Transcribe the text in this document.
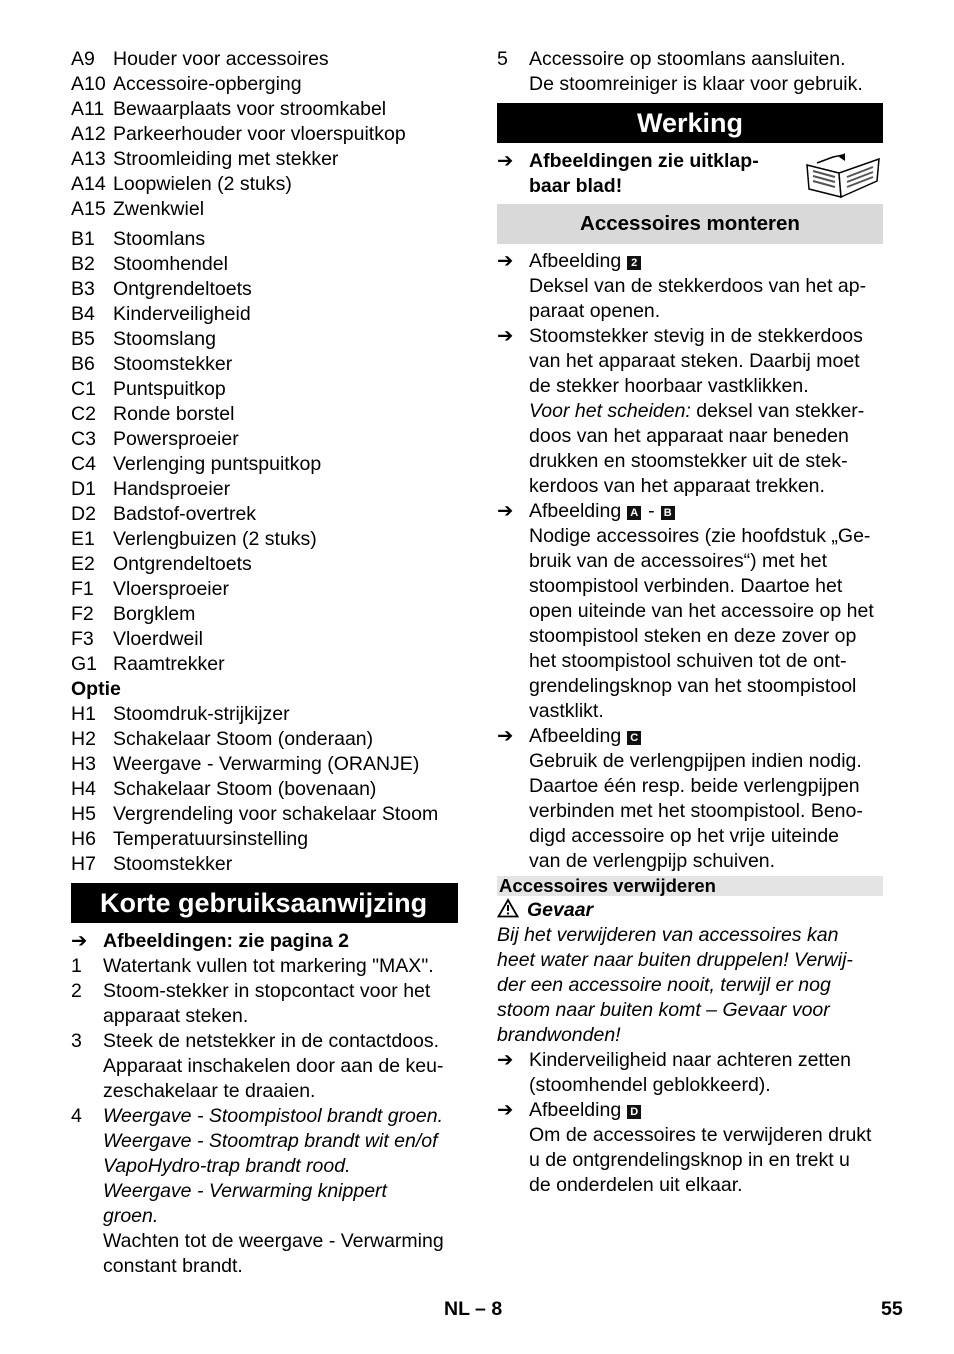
A9 Houder voor accessoires
A10 Accessoire-opberging
A11 Bewaarplaats voor stroomkabel
A12 Parkeerhouder voor vloerspuitkop
A13 Stroomleiding met stekker
A14 Loopwielen (2 stuks)
A15 Zwenkwiel
B1 Stoomlans
B2 Stoomhendel
B3 Ontgrendeltoets
B4 Kinderveiligheid
B5 Stoomslang
B6 Stoomstekker
C1 Puntspuitkop
C2 Ronde borstel
C3 Powersproeier
C4 Verlenging puntspuitkop
D1 Handsproeier
D2 Badstof-overtrek
E1 Verlengbuizen (2 stuks)
E2 Ontgrendeltoets
F1 Vloersproeier
F2 Borgklem
F3 Vloerdweil
G1 Raamtrekker
Optie
H1 Stoomdruk-strijkijzer
H2 Schakelaar Stoom (onderaan)
H3 Weergave - Verwarming (ORANJE)
H4 Schakelaar Stoom (bovenaan)
H5 Vergrendeling voor schakelaar Stoom
H6 Temperatuursinstelling
H7 Stoomstekker
Korte gebruiksaanwijzing
➔ Afbeeldingen: zie pagina 2
1 Watertank vullen tot markering "MAX".
2 Stoom-stekker in stopcontact voor het
apparaat steken.
3 Steek de netstekker in de contactdoos.
Apparaat inschakelen door aan de keu-
zeschakelaar te draaien.
4 Weergave - Stoompistool brandt groen.
Weergave - Stoomtrap brandt wit en/of
VapoHydro-trap brandt rood.
Weergave - Verwarming knippert
groen.
Wachten tot de weergave - Verwarming
constant brandt.
5 Accessoire op stoomlans aansluiten.
De stoomreiniger is klaar voor gebruik.
Werking
➔ Afbeeldingen zie uitklap-
baar blad!
Accessoires monteren
➔ Afbeelding 2
Deksel van de stekkerdoos van het ap-
paraat openen.
➔ Stoomstekker stevig in de stekkerdoos
van het apparaat steken. Daarbij moet
de stekker hoorbaar vastklikken.
Voor het scheiden: deksel van stekker-
doos van het apparaat naar beneden
drukken en stoomstekker uit de stek-
kerdoos van het apparaat trekken.
➔ Afbeelding A - B
Nodige accessoires (zie hoofdstuk „Ge-
bruik van de accessoires“) met het
stoompistool verbinden. Daartoe het
open uiteinde van het accessoire op het
stoompistool steken en deze zover op
het stoompistool schuiven tot de ont-
grendelingsknop van het stoompistool
vastklikt.
➔ Afbeelding C
Gebruik de verlengpijpen indien nodig.
Daartoe één resp. beide verlengpijpen
verbinden met het stoompistool. Beno-
digd accessoire op het vrije uiteinde
van de verlengpijp schuiven.
Accessoires verwijderen
Gevaar
Bij het verwijderen van accessoires kan
heet water naar buiten druppelen! Verwij-
der een accessoire nooit, terwijl er nog
stoom naar buiten komt – Gevaar voor
brandwonden!
➔ Kinderveiligheid naar achteren zetten
(stoomhendel geblokkeerd).
➔ Afbeelding D
Om de accessoires te verwijderen drukt
u de ontgrendelingsknop in en trekt u
de onderdelen uit elkaar.
NL – 8	55
